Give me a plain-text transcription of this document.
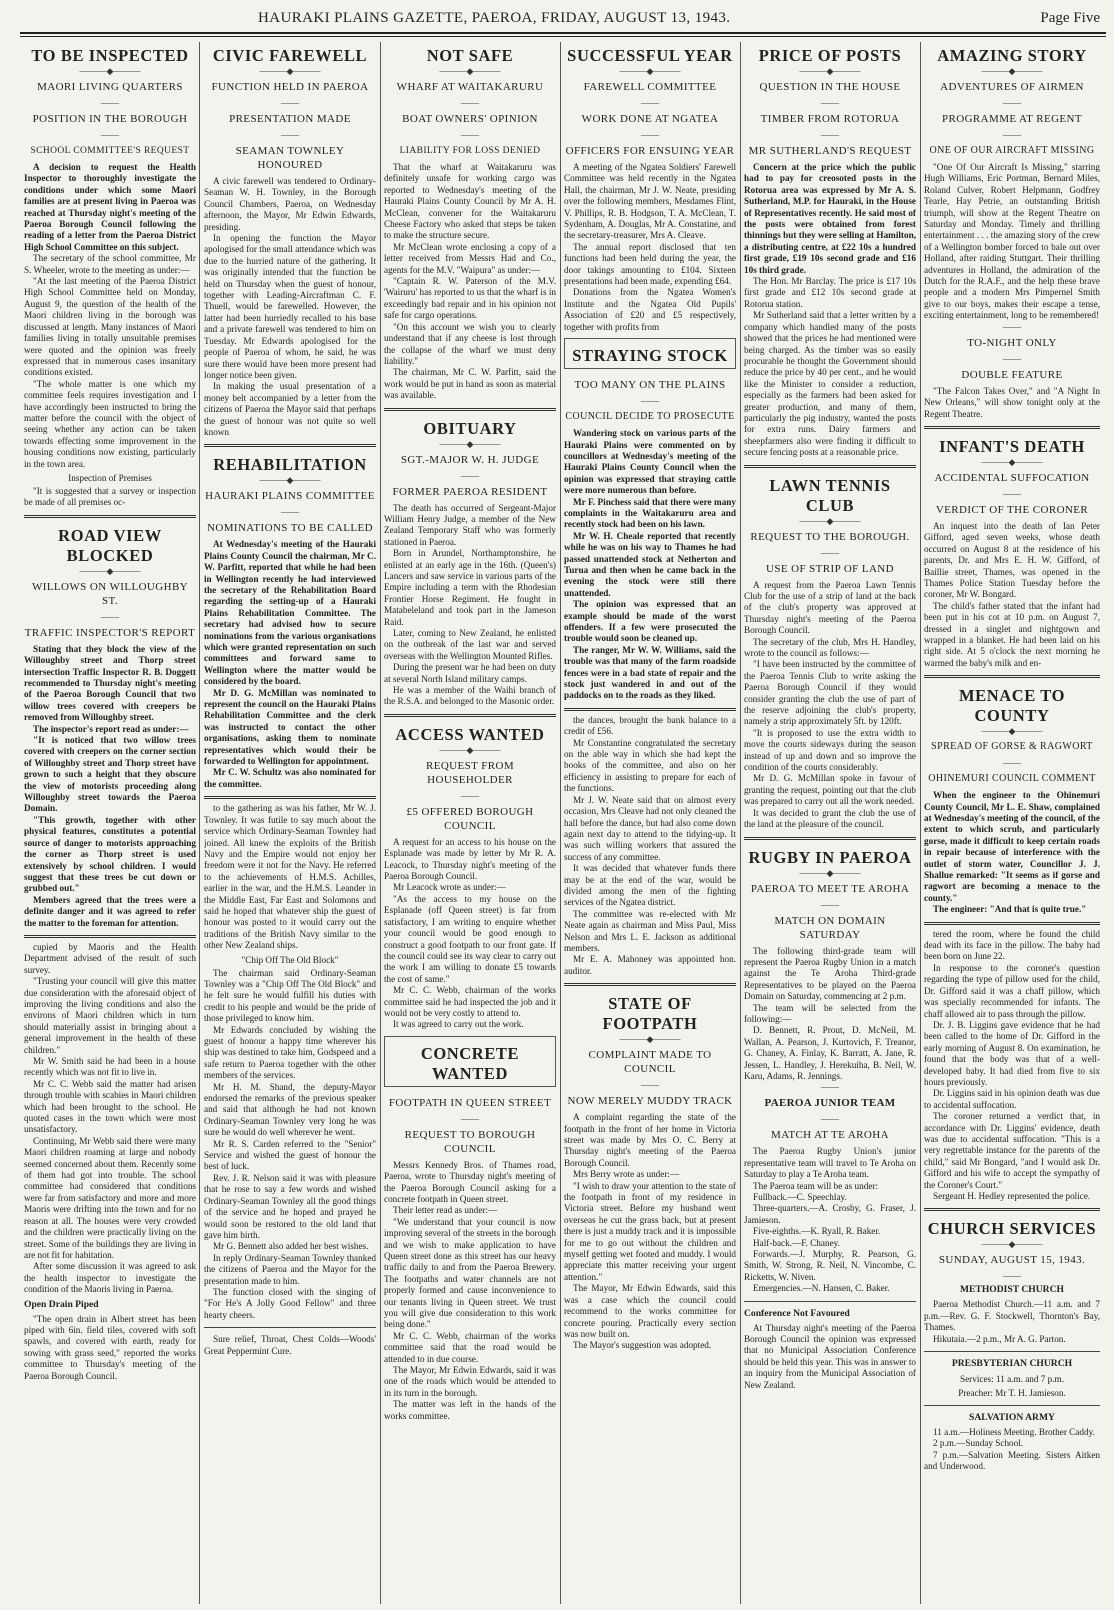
HAURAKI PLAINS GAZETTE, PAEROA, FRIDAY, AUGUST 13, 1943.	Page Five
TO BE INSPECTED
———◆———
MAORI LIVING QUARTERS
——
POSITION IN THE BOROUGH
——
SCHOOL COMMITTEE'S REQUEST

A decision to request the Health Inspector to thoroughly investigate the conditions under which some Maori families are at present living in Paeroa was reached at Thursday night's meeting of the Paeroa Borough Council following the reading of a letter from the Paeroa District High School Committee on this subject.

The secretary of the school committee, Mr S. Wheeler, wrote to the meeting as under:—

"At the last meeting of the Paeroa District High School Committee held on Monday, August 9, the question of the health of the Maori children living in the borough was discussed at length. Many instances of Maori families living in totally unsuitable premises were quoted and the opinion was freely expressed that in numerous cases insanitary conditions existed.

"The whole matter is one which my committee feels requires investigation and I have accordingly been instructed to bring the matter before the council with the object of seeing whether any action can be taken towards effecting some improvement in the housing conditions now existing, particularly in the town area.

Inspection of Premises

"It is suggested that a survey or inspection be made of all premises oc-

ROAD VIEW BLOCKED
———◆———
WILLOWS ON WILLOUGHBY ST.
——
TRAFFIC INSPECTOR'S REPORT

Stating that they block the view of the Willoughby street and Thorp street intersection Traffic Inspector R. B. Doggett recommended to Thursday night's meeting of the Paeroa Borough Council that two willow trees covered with creepers be removed from Willoughby street.

The inspector's report read as under:—

"It is noticed that two willow trees covered with creepers on the corner section of Willoughby street and Thorp street have grown to such a height that they obscure the view of motorists proceeding along Willoughby street towards the Paeroa Domain.

"This growth, together with other physical features, constitutes a potential source of danger to motorists approaching the corner as Thorp street is used extensively by school children. I would suggest that these trees be cut down or grubbed out."

Members agreed that the trees were a definite danger and it was agreed to refer the matter to the foreman for attention.

cupied by Maoris and the Health Department advised of the result of such survey.

"Trusting your council will give this matter due consideration with the aforesaid object of improving the living conditions and also the environs of Maori children which in turn should materially assist in bringing about a general improvement in the health of these children."

Mr W. Smith said he had been in a house recently which was not fit to live in.

Mr C. C. Webb said the matter had arisen through trouble with scabies in Maori children which had been brought to the school. He quoted cases in the town which were most unsatisfactory.

Continuing, Mr Webb said there were many Maori children roaming at large and nobody seemed concerned about them. Recently some of them had got into trouble. The school committee had considered that conditions were far from satisfactory and more and more Maoris were drifting into the town and for no reason at all. The houses were very crowded and the children were practically living on the street. Some of the buildings they are living in are not fit for habitation.

After some discussion it was agreed to ask the health inspector to investigate the condition of the Maoris living in Paeroa.

Open Drain Piped

"The open drain in Albert street has been piped with 6in. field tiles, covered with soft spawls, and covered with earth, ready for sowing with grass seed," reported the works committee to Thursday's meeting of the Paeroa Borough Council.

CIVIC FAREWELL
———◆———
FUNCTION HELD IN PAEROA
——
PRESENTATION MADE
——
SEAMAN TOWNLEY HONOURED

A civic farewell was tendered to Ordinary-Seaman W. H. Townley, in the Borough Council Chambers, Paeroa, on Wednesday afternoon, the Mayor, Mr Edwin Edwards, presiding.

In opening the function the Mayor apologised for the small attendance which was due to the hurried nature of the gathering. It was originally intended that the function be held on Thursday when the guest of honour, together with Leading-Aircraftman C. F. Thuell, would be farewelled. However, the latter had been hurriedly recalled to his base and a private farewell was tendered to him on Tuesday. Mr Edwards apologised for the people of Paeroa of whom, he said, he was sure there would have been more present had longer notice been given.

In making the usual presentation of a money belt accompanied by a letter from the citizens of Paeroa the Mayor said that perhaps the guest of honour was not quite so well known

REHABILITATION
———◆———
HAURAKI PLAINS COMMITTEE
——
NOMINATIONS TO BE CALLED

At Wednesday's meeting of the Hauraki Plains County Council the chairman, Mr C. W. Parfitt, reported that while he had been in Wellington recently he had interviewed the secretary of the Rehabilitation Board regarding the setting-up of a Hauraki Plains Rehabilitation Committee. The secretary had advised how to secure nominations from the various organisations which were granted representation on such committees and forward same to Wellington where the matter would be considered by the board.

Mr D. G. McMillan was nominated to represent the council on the Hauraki Plains Rehabilitation Committee and the clerk was instructed to contact the other organisations, asking them to nominate representatives which would their be forwarded to Wellington for appointment.

Mr C. W. Schultz was also nominated for the committee.

to the gathering as was his father, Mr W. J. Townley. It was futile to say much about the service which Ordinary-Seaman Townley had joined. All knew the exploits of the British Navy and the Empire would not enjoy her freedom were it not for the Navy. He referred to the achievements of H.M.S. Achilles, earlier in the war, and the H.M.S. Leander in the Middle East, Far East and Solomons and said he hoped that whatever ship the guest of honour was posted to it would carry out the traditions of the British Navy similar to the other New Zealand ships.

"Chip Off The Old Block"

The chairman said Ordinary-Seaman Townley was a "Chip Off The Old Block" and he felt sure he would fulfill his duties with credit to his people and would be the pride of those privileged to know him.

Mr Edwards concluded by wishing the guest of honour a happy time wherever his ship was destined to take him, Godspeed and a safe return to Paeroa together with the other members of the services.

Mr H. M. Shand, the deputy-Mayor endorsed the remarks of the previous speaker and said that although he had not known Ordinary-Seaman Townley very long he was sure he would do well wherever he went.

Mr R. S. Carden referred to the "Senior" Service and wished the guest of honour the best of luck.

Rev. J. R. Nelson said it was with pleasure that he rose to say a few words and wished Ordinary-Seaman Townley all the good things of the service and he hoped and prayed he would soon be restored to the old land that gave him birth.

Mr G. Bennett also added her best wishes.

In reply Ordinary-Seaman Townley thanked the citizens of Paeroa and the Mayor for the presentation made to him.

The function closed with the singing of "For He's A Jolly Good Fellow" and three hearty cheers.

Sure relief, Throat, Chest Colds—Woods' Great Peppermint Cure.

NOT SAFE
———◆———
WHARF AT WAITAKARURU
——
BOAT OWNERS' OPINION
——
LIABILITY FOR LOSS DENIED

That the wharf at Waitakaruru was definitely unsafe for working cargo was reported to Wednesday's meeting of the Hauraki Plains County Council by Mr A. H. McClean, convener for the Waitakaruru Cheese Factory who asked that steps be taken to make the structure secure.

Mr McClean wrote enclosing a copy of a letter received from Messrs Had and Co., agents for the M.V. "Waipura" as under:—

"Captain R. W. Paterson of the M.V. 'Wairuru' has reported to us that the wharf is in exceedingly bad repair and in his opinion not safe for cargo operations.

"On this account we wish you to clearly understand that if any cheese is lost through the collapse of the wharf we must deny liability."

The chairman, Mr C. W. Parfitt, said the work would be put in hand as soon as material was available.

OBITUARY
———◆———
SGT.-MAJOR W. H. JUDGE
——
FORMER PAEROA RESIDENT

The death has occurred of Sergeant-Major William Henry Judge, a member of the New Zealand Temporary Staff who was formerly stationed in Paeroa.

Born in Arundel, Northamptonshire, he enlisted at an early age in the 16th. (Queen's) Lancers and saw service in various parts of the Empire including a term with the Rhodesian Frontier Horse Regiment. He fought in Matabeleland and took part in the Jameson Raid.

Later, coming to New Zealand, he enlisted on the outbreak of the last war and served overseas with the Wellington Mounted Rifles.

During the present war he had been on duty at several North Island military camps.

He was a member of the Waihi branch of the R.S.A. and belonged to the Masonic order.

ACCESS WANTED
———◆———
REQUEST FROM HOUSEHOLDER
——
£5 OFFERED BOROUGH COUNCIL

A request for an access to his house on the Esplanade was made by letter by Mr R. A. Leacock, to Thursday night's meeting of the Paeroa Borough Council.

Mr Leacock wrote as under:—

"As the access to my house on the Esplanade (off Queen street) is far from satisfactory, I am writing to enquire whether your council would be good enough to construct a good footpath to our front gate. If the council could see its way clear to carry out the work I am willing to donate £5 towards the cost of same."

Mr C. C. Webb, chairman of the works committee said he had inspected the job and it would not be very costly to attend to.

It was agreed to carry out the work.

CONCRETE WANTED
FOOTPATH IN QUEEN STREET
——
REQUEST TO BOROUGH COUNCIL

Messrs Kennedy Bros. of Thames road, Paeroa, wrote to Thursday night's meeting of the Paeroa Borough Council asking for a concrete footpath in Queen street.

Their letter read as under:—

"We understand that your council is now improving several of the streets in the borough and we wish to make application to have Queen street done as this street has our heavy traffic daily to and from the Paeroa Brewery. The footpaths and water channels are not properly formed and cause inconvenience to our tenants living in Queen street. We trust you will give due consideration to this work being done."

Mr C. C. Webb, chairman of the works committee said that the road would be attended to in due course.

The Mayor, Mr Edwin Edwards, said it was one of the roads which would be attended to in its turn in the borough.

The matter was left in the hands of the works committee.

SUCCESSFUL YEAR
———◆———
FAREWELL COMMITTEE
——
WORK DONE AT NGATEA
——
OFFICERS FOR ENSUING YEAR

A meeting of the Ngatea Soldiers' Farewell Committee was held recently in the Ngatea Hall, the chairman, Mr J. W. Neate, presiding over the following members, Mesdames Flint, V. Phillips, R. B. Hodgson, T. A. McClean, T. Sydenham, A. Douglas, Mr A. Constatine, and the secretary-treasurer, Mrs A. Cleave.

The annual report disclosed that ten functions had been held during the year, the door takings amounting to £104. Sixteen presentations had been made, expending £64.

Donations from the Ngatea Women's Institute and the Ngatea Old Pupils' Association of £20 and £5 respectively, together with profits from

STRAYING STOCK
TOO MANY ON THE PLAINS
——
COUNCIL DECIDE TO PROSECUTE

Wandering stock on various parts of the Hauraki Plains were commented on by councillors at Wednesday's meeting of the Hauraki Plains County Council when the opinion was expressed that straying cattle were more numerous than before.

Mr F. Pinchess said that there were many complaints in the Waitakaruru area and recently stock had been on his lawn.

Mr W. H. Cheale reported that recently while he was on his way to Thames he had passed unattended stock at Netherton and Turua and then when he came back in the evening the stock were still there unattended.

The opinion was expressed that an example should be made of the worst offenders. If a few were prosecuted the trouble would soon be cleaned up.

The ranger, Mr W. W. Williams, said the trouble was that many of the farm roadside fences were in a bad state of repair and the stock just wandered in and out of the paddocks on to the roads as they liked.

the dances, brought the bank balance to a credit of £56.

Mr Constantine congratulated the secretary on the able way in which she had kept the books of the committee, and also on her efficiency in assisting to prepare for each of the functions.

Mr J. W. Neate said that on almost every occasion, Mrs Cleave had not only cleaned the hall before the dance, but had also come down again next day to attend to the tidying-up. It was such willing workers that assured the success of any committee.

It was decided that whatever funds there may be at the end of the war, would be divided among the men of the fighting services of the Ngatea district.

The committee was re-elected with Mr Neate again as chairman and Miss Paul, Miss Nelson and Mrs L. E. Jackson as additional members.

Mr E. A. Mahoney was appointed hon. auditor.

STATE OF FOOTPATH
———◆———
COMPLAINT MADE TO COUNCIL
——
NOW MERELY MUDDY TRACK

A complaint regarding the state of the footpath in the front of her home in Victoria street was made by Mrs O. C. Berry at Thursday night's meeting of the Paeroa Borough Council.

Mrs Berry wrote as under:—

"I wish to draw your attention to the state of the footpath in front of my residence in Victoria street. Before my husband went overseas he cut the grass back, but at present there is just a muddy track and it is impossible for me to go out without the children and myself getting wet footed and muddy. I would appreciate this matter receiving your urgent attention."

The Mayor, Mr Edwin Edwards, said this was a case which the council could recommend to the works committee for concrete pouring. Practically every section was now built on.

The Mayor's suggestion was adopted.

PRICE OF POSTS
———◆———
QUESTION IN THE HOUSE
——
TIMBER FROM ROTORUA
——
MR SUTHERLAND'S REQUEST

Concern at the price which the public had to pay for creosoted posts in the Rotorua area was expressed by Mr A. S. Sutherland, M.P. for Hauraki, in the House of Representatives recently. He said most of the posts were obtained from forest thinnings but they were selling at Hamilton, a distributing centre, at £22 10s a hundred first grade, £19 10s second grade and £16 10s third grade.

The Hon. Mr Barclay. The price is £17 10s first grade and £12 10s second grade at Rotorua station.

Mr Sutherland said that a letter written by a company which handled many of the posts showed that the prices he had mentioned were being charged. As the timber was so easily procurable he thought the Government should reduce the price by 40 per cent., and he would like the Minister to consider a reduction, especially as the farmers had been asked for greater production, and many of them, particularly the pig industry, wanted the posts for extra runs. Dairy farmers and sheepfarmers also were finding it difficult to secure fencing posts at a reasonable price.

LAWN TENNIS CLUB
———◆———
REQUEST TO THE BOROUGH.
——
USE OF STRIP OF LAND

A request from the Paeroa Lawn Tennis Club for the use of a strip of land at the back of the club's property was approved at Thursday night's meeting of the Paeroa Borough Council.

The secretary of the club, Mrs H. Handley, wrote to the council as follows:—

"I have been instructed by the committee of the Paeroa Tennis Club to write asking the Paeroa Borough Council if they would consider granting the club the use of part of the reserve adjoining the club's property, namely a strip approximately 5ft. by 120ft.

"It is proposed to use the extra width to move the courts sideways during the season instead of up and down and so improve the condition of the courts considerably.

Mr D. G. McMillan spoke in favour of granting the request, pointing out that the club was prepared to carry out all the work needed.

It was decided to grant the club the use of the land at the pleasure of the council.

RUGBY IN PAEROA
———◆———
PAEROA TO MEET TE AROHA
——
MATCH ON DOMAIN SATURDAY

The following third-grade team will represent the Paeroa Rugby Union in a match against the Te Aroha Third-grade Representatives to be played on the Paeroa Domain on Saturday, commencing at 2 p.m.

The team will be selected from the following:—

D. Bennett, R. Prout, D. McNeil, M. Wallan, A. Pearson, J. Kurtovich, F. Treanor, G. Chaney, A. Finlay, K. Barratt, A. Jane, R. Jessen, L. Handley, J. Herekuiha, B. Neil, W. Karu, Adams, R. Jennings.

——
PAEROA JUNIOR TEAM
——
MATCH AT TE AROHA

The Paeroa Rugby Union's junior representative team will travel to Te Aroha on Saturday to play a Te Aroha team.

The Paeroa team will be as under:

Fullback.—C. Speechlay.

Three-quarters.—A. Crosby, G. Fraser, J. Jamieson.

Five-eighths.—K. Ryall, R. Baker.

Half-back.—F. Chaney.

Forwards.—J. Murphy, R. Pearson, G. Smith, W. Strong, R. Neil, N. Vincombe, C. Ricketts, W. Niven.

Emergencies.—N. Hansen, C. Baker.

Conference Not Favoured

At Thursday night's meeting of the Paeroa Borough Council the opinion was expressed that no Municipal Association Conference should be held this year. This was in answer to an inquiry from the Municipal Association of New Zealand.

AMAZING STORY
———◆———
ADVENTURES OF AIRMEN
——
PROGRAMME AT REGENT
——
ONE OF OUR AIRCRAFT MISSING

"One Of Our Aircraft Is Missing," starring Hugh Williams, Eric Portman, Bernard Miles, Roland Culver, Robert Helpmann, Godfrey Tearle, Hay Petrie, an outstanding British triumph, will show at the Regent Theatre on Saturday and Monday. Timely and thrilling entertainment . . . the amazing story of the crew of a Wellington bomber forced to bale out over Holland, after raiding Stuttgart. Their thrilling adventures in Holland, the admiration of the Dutch for the R.A.F., and the help these brave people and a modern Mrs Pimpernel Smith give to our boys, makes their escape a tense, exciting entertainment, long to be remembered!

——
TO-NIGHT ONLY
——
DOUBLE FEATURE

"The Falcon Takes Over," and "A Night In New Orleans," will show tonight only at the Regent Theatre.

INFANT'S DEATH
———◆———
ACCIDENTAL SUFFOCATION
——
VERDICT OF THE CORONER

An inquest into the death of Ian Peter Gifford, aged seven weeks, whose death occurred on August 8 at the residence of his parents, Dr. and Mrs E. H. W. Gifford, of Baillie street, Thames, was opened in the Thames Police Station Tuesday before the coroner, Mr W. Bongard.

The child's father stated that the infant had been put in his cot at 10 p.m. on August 7, dressed in a singlet and nightgown and wrapped in a blanket. He had been laid on his right side. At 5 o'clock the next morning he warmed the baby's milk and en-

MENACE TO COUNTY
———◆———
SPREAD OF GORSE & RAGWORT
——
OHINEMURI COUNCIL COMMENT

When the engineer to the Ohinemuri County Council, Mr L. E. Shaw, complained at Wednesday's meeting of the council, of the extent to which scrub, and particularly gorse, made it difficult to keep certain roads in repair because of interference with the outlet of storm water, Councillor J. J. Shallue remarked: "It seems as if gorse and ragwort are becoming a menace to the county."

The engineer: "And that is quite true."

tered the room, where he found the child dead with its face in the pillow. The baby had been born on June 22.

In response to the coroner's question regarding the type of pillow used for the child, Dr. Gifford said it was a chaff pillow, which was specially recommended for infants. The chaff allowed air to pass through the pillow.

Dr. J. B. Liggins gave evidence that he had been called to the home of Dr. Gifford in the early morning of August 8. On examination, he found that the body was that of a well-developed baby. It had died from five to six hours previously.

Dr. Liggins said in his opinion death was due to accidental suffocation.

The coroner returned a verdict that, in accordance with Dr. Liggins' evidence, death was due to accidental suffocation. "This is a very regrettable instance for the parents of the child," said Mr Bongard, "and I would ask Dr. Gifford and his wife to accept the sympathy of the Coroner's Court."

Sergeant H. Hedley represented the police.

CHURCH SERVICES
———◆———
SUNDAY, AUGUST 15, 1943.
——
METHODIST CHURCH

Paeroa Methodist Church.—11 a.m. and 7 p.m.—Rev. G. F. Stockwell, Thornton's Bay, Thames.

Hikutaia.—2 p.m., Mr A. G. Parton.

PRESBYTERIAN CHURCH
Services: 11 a.m. and 7 p.m.
Preacher: Mr T. H. Jamieson.
SALVATION ARMY

11 a.m.—Holiness Meeting. Brother Caddy.

2 p.m.—Sunday School.

7 p.m.—Salvation Meeting. Sisters Aitken and Underwood.
